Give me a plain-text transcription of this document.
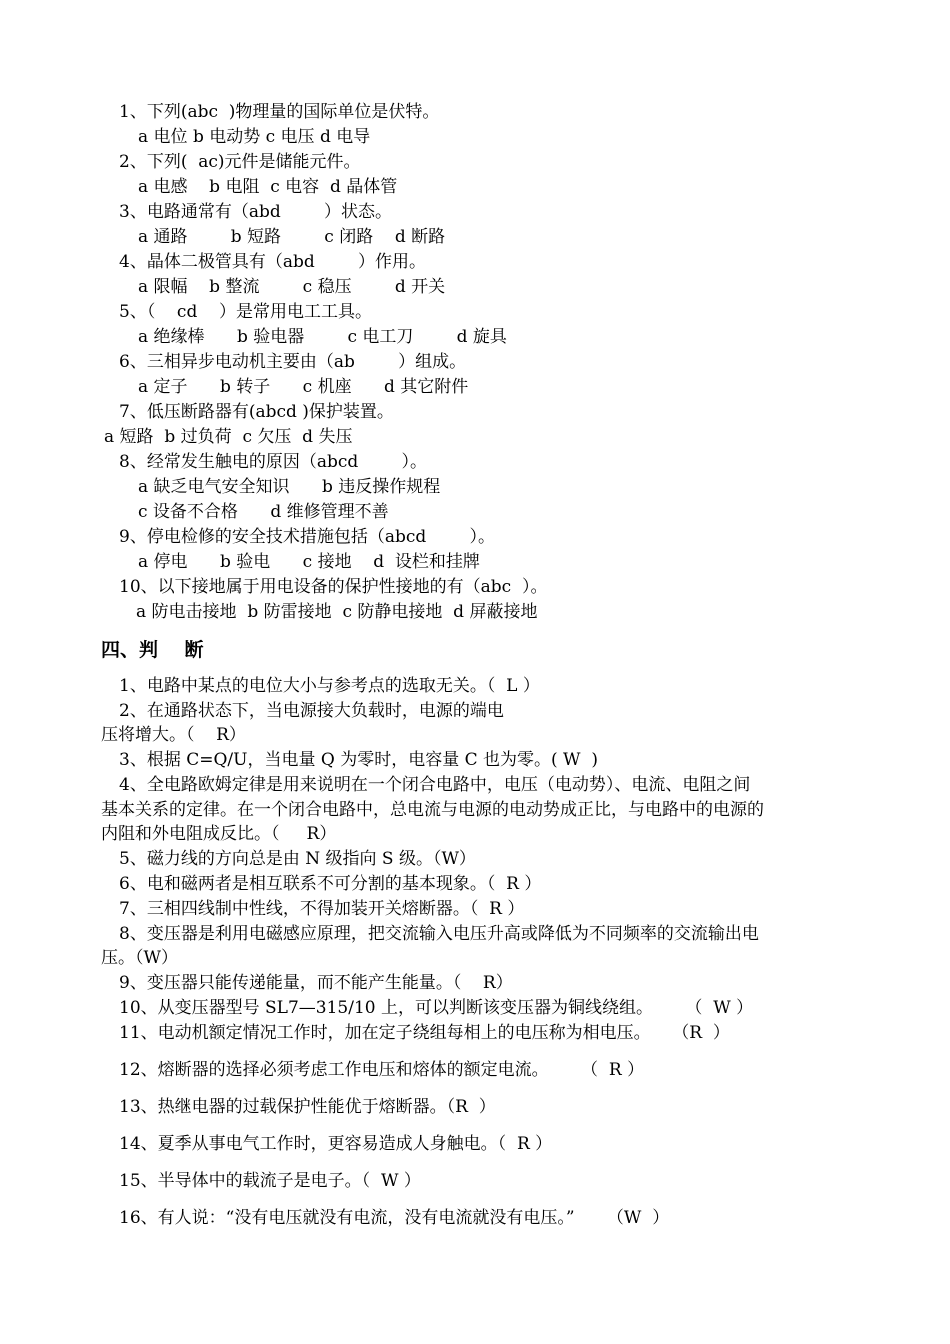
1、下列(abc  )物理量的国际单位是伏特。
a 电位 b 电动势 c 电压 d 电导
2、下列(  ac)元件是储能元件。
a 电感    b 电阻  c 电容  d 晶体管
3、电路通常有（abd        ）状态。
a 通路        b 短路        c 闭路    d 断路
4、晶体二极管具有（abd        ）作用。
a 限幅    b 整流        c 稳压        d 开关
5、（    cd    ）是常用电工工具。
a 绝缘棒      b 验电器        c 电工刀        d 旋具
6、三相异步电动机主要由（ab        ）组成。
a 定子      b 转子      c 机座      d 其它附件
7、低压断路器有(abcd )保护装置。
a 短路  b 过负荷  c 欠压  d 失压
8、经常发生触电的原因（abcd        ）。
a 缺乏电气安全知识      b 违反操作规程
c 设备不合格      d 维修管理不善
9、停电检修的安全技术措施包括（abcd        ）。
a 停电      b 验电      c 接地    d  设栏和挂牌
10、以下接地属于用电设备的保护性接地的有（abc  ）。
a 防电击接地  b 防雷接地  c 防静电接地  d 屏蔽接地
四、判    断
1、电路中某点的电位大小与参考点的选取无关。（  L ）
2、在通路状态下，当电源接大负载时，电源的端电
压将增大。（    R）
3、根据 C=Q/U，当电量 Q 为零时，电容量 C 也为零。( W  )
4、全电路欧姆定律是用来说明在一个闭合电路中，电压（电动势）、电流、电阻之间
基本关系的定律。在一个闭合电路中，总电流与电源的电动势成正比，与电路中的电源的
内阻和外电阻成反比。（     R）
5、磁力线的方向总是由 N 级指向 S 级。（W）
6、电和磁两者是相互联系不可分割的基本现象。（  R ）
7、三相四线制中性线，不得加装开关熔断器。（  R ）
8、变压器是利用电磁感应原理，把交流输入电压升高或降低为不同频率的交流输出电
压。（W）
9、变压器只能传递能量，而不能产生能量。（    R）
10、从变压器型号 SL7—315/10 上，可以判断该变压器为铜线绕组。      （  W ）
11、电动机额定情况工作时，加在定子绕组每相上的电压称为相电压。    （R  ）
12、熔断器的选择必须考虑工作电压和熔体的额定电流。      （  R ）
13、热继电器的过载保护性能优于熔断器。（R  ）
14、夏季从事电气工作时，更容易造成人身触电。（  R ）
15、半导体中的载流子是电子。（  W ）
16、有人说：“没有电压就没有电流，没有电流就没有电压。”      （W  ）
